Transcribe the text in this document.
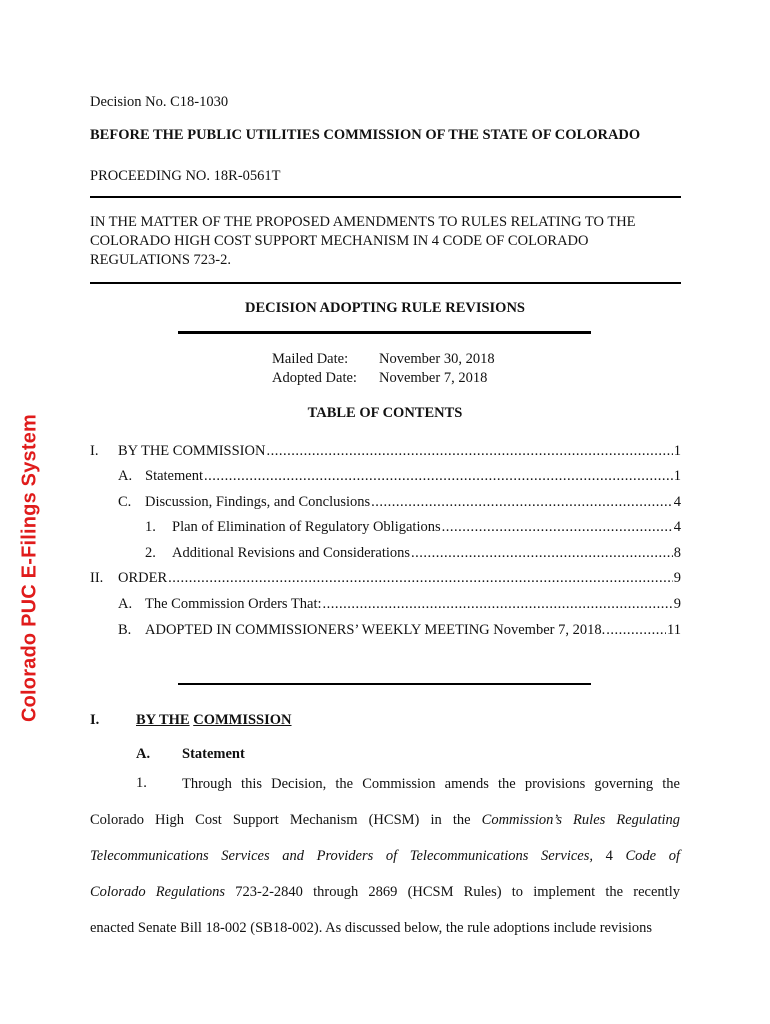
Colorado PUC E-Filings System
Decision No. C18-1030
BEFORE THE PUBLIC UTILITIES COMMISSION OF THE STATE OF COLORADO
PROCEEDING NO. 18R-0561T
IN THE MATTER OF THE PROPOSED AMENDMENTS TO RULES RELATING TO THE
COLORADO HIGH COST SUPPORT MECHANISM IN 4 CODE OF COLORADO
REGULATIONS 723-2.
DECISION ADOPTING RULE REVISIONS
Mailed Date: November 30, 2018
Adopted Date: November 7, 2018
TABLE OF CONTENTS
I.	BY THE COMMISSION .....	1
A. Statement .....	1
C. Discussion, Findings, and Conclusions .....	4
1.	Plan of Elimination of Regulatory Obligations .....	4
2.	Additional Revisions and Considerations .....	8
II.	ORDER .....	9
A. The Commission Orders That: .....	9
B. ADOPTED IN COMMISSIONERS’ WEEKLY MEETING November 7, 2018. .....	11
I.	BY THE COMMISSION
A. Statement
1.	Through this Decision, the Commission amends the provisions governing the
Colorado High Cost Support Mechanism (HCSM) in the Commission’s Rules Regulating
Telecommunications Services and Providers of Telecommunications Services, 4 Code of
Colorado Regulations 723-2-2840 through 2869 (HCSM Rules) to implement the recently
enacted Senate Bill 18-002 (SB18-002). As discussed below, the rule adoptions include revisions
